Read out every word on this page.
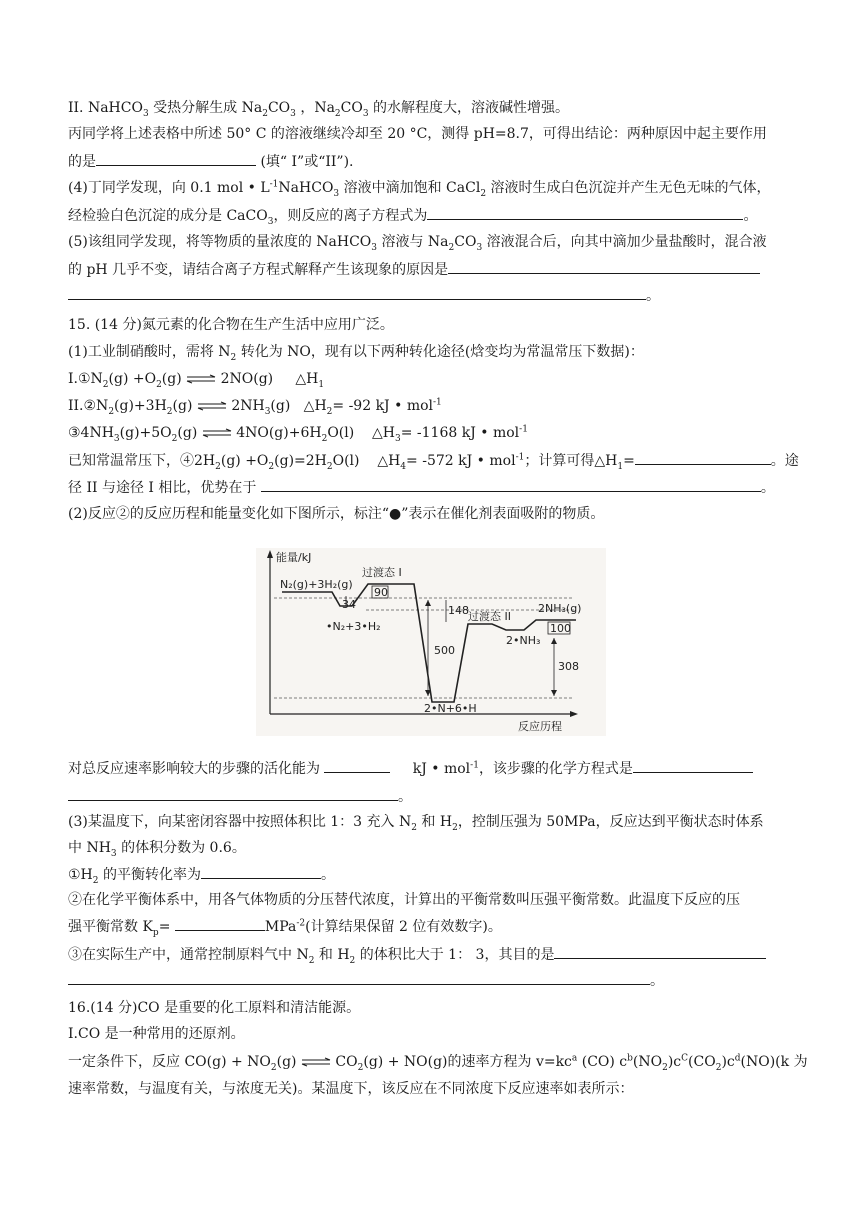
II. NaHCO$_3$ 受热分解生成 $Na_2CO_3$ ，$Na_2CO_3$ 的水解程度大，溶液碱性增强。
丙同学将上述表格中所述 50° C 的溶液继续冷却至 20 °C，测得 pH=8.7，可得出结论：两种原因中起主要作用
的是	(填“ I”或“II”).
(4)丁同学发现，向 0.1 mol • $L^{-1}NaHCO_3$ 溶液中滴加饱和 CaCl$_2$ 溶液时生成白色沉淀并产生无色无味的气体，
经检验白色沉淀的成分是 CaCO$_3$，则反应的离子方程式为	。
(5)该组同学发现，将等物质的量浓度的 NaHCO$_3$ 溶液与 $Na_2CO_3$ 溶液混合后，向其中滴加少量盐酸时，混合液
的 pH 几乎不变，请结合离子方程式解释产生该现象的原因是
。
15. (14 分)氮元素的化合物在生产生活中应用广泛。
(1)工业制硝酸时，需将 $N_2$ 转化为 NO，现有以下两种转化途径(焓变均为常温常压下数据)：
$I.①N_2(g) +O_2(g)$ ⇌ 2NO(g) $\triangle H_1$
$II.②N_2(g)+3H_2(g)$ ⇌ $2NH_3(g)$ $\triangle H_2= -92$ kJ • mol$^{-1}$
$③4NH_3(g)+5O_2(g)$ ⇌ $4NO(g)+6H_2O(l)$ $\triangle H_3= -1168$ kJ • mol$^{-1}$
已知常温常压下，$④2H_2(g) +O_2(g)=2H_2O(l)$ $\triangle H_4= -572$ kJ • mol$^{-1}$；计算可得$\triangle H_1=$	。途
径 II 与途径 I 相比，优势在于	。
(2)反应②的反应历程和能量变化如下图所示，标注“●”表示在催化剂表面吸附的物质。
能量/kJ
反应历程
N₂(g)+3H₂(g)
过渡态 I
过渡态 II
•N₂+3•H₂
2•N+6•H
2•NH₃
2NH₃(g)
90
34	148
500
100
308
对总反应速率影响较大的步骤的活化能为	kJ • mol$^{-1}$，该步骤的化学方程式是
。
(3)某温度下，向某密闭容器中按照体积比 1：3 充入 $N_2$ 和 $H_2$，控制压强为 50MPa，反应达到平衡状态时体系
中 $NH_3$ 的体积分数为 0.6。
$①H_2$ 的平衡转化率为	。
②在化学平衡体系中，用各气体物质的分压替代浓度，计算出的平衡常数叫压强平衡常数。此温度下反应的压
强平衡常数 $K_p=$	MPa$^{-2}$(计算结果保留 2 位有效数字)。
③在实际生产中，通常控制原料气中 $N_2$ 和 $H_2$ 的体积比大于 1： 3，其目的是
。
16.(14 分)CO 是重要的化工原料和清洁能源。
I.CO 是一种常用的还原剂。
一定条件下，反应 $CO(g) + NO_2(g)$ ⇌ $CO_2(g) + NO(g)$的速率方程为 $v=kc^a$ (CO) $c^b(NO_2)c^C(CO_2)c^d(NO)(k$ 为
速率常数，与温度有关，与浓度无关)。某温度下，该反应在不同浓度下反应速率如表所示：
